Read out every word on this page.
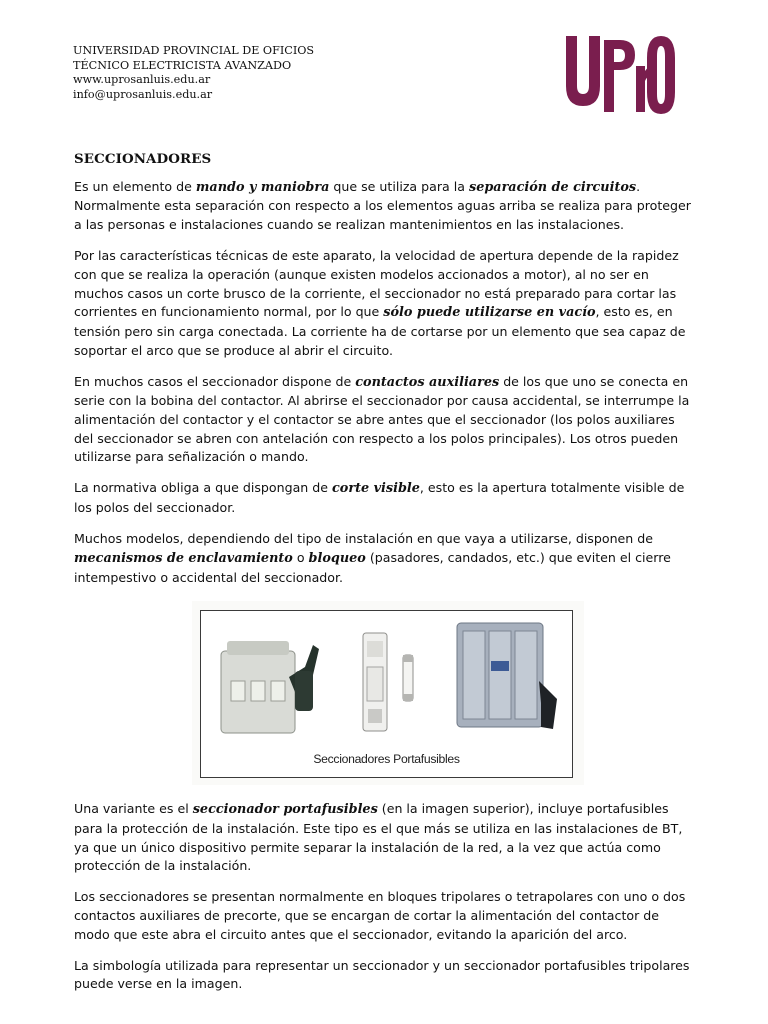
UNIVERSIDAD PROVINCIAL DE OFICIOS
TÉCNICO ELECTRICISTA AVANZADO
www.uprosanluis.edu.ar
info@uprosanluis.edu.ar
SECCIONADORES
Es un elemento de mando y maniobra que se utiliza para la separación de circuitos. Normalmente esta separación con respecto a los elementos aguas arriba se realiza para proteger a las personas e instalaciones cuando se realizan mantenimientos en las instalaciones.
Por las características técnicas de este aparato, la velocidad de apertura depende de la rapidez con que se realiza la operación (aunque existen modelos accionados a motor), al no ser en muchos casos un corte brusco de la corriente, el seccionador no está preparado para cortar las corrientes en funcionamiento normal, por lo que sólo puede utilizarse en vacío, esto es, en tensión pero sin carga conectada. La corriente ha de cortarse por un elemento que sea capaz de soportar el arco que se produce al abrir el circuito.
En muchos casos el seccionador dispone de contactos auxiliares de los que uno se conecta en serie con la bobina del contactor. Al abrirse el seccionador por causa accidental, se interrumpe la alimentación del contactor y el contactor se abre antes que el seccionador (los polos auxiliares del seccionador se abren con antelación con respecto a los polos principales). Los otros pueden utilizarse para señalización o mando.
La normativa obliga a que dispongan de corte visible, esto es la apertura totalmente visible de los polos del seccionador.
Muchos modelos, dependiendo del tipo de instalación en que vaya a utilizarse, disponen de mecanismos de enclavamiento o bloqueo (pasadores, candados, etc.) que eviten el cierre intempestivo o accidental del seccionador.
Seccionadores Portafusibles
Una variante es el seccionador portafusibles (en la imagen superior), incluye portafusibles para la protección de la instalación. Este tipo es el que más se utiliza en las instalaciones de BT, ya que un único dispositivo permite separar la instalación de la red, a la vez que actúa como protección de la instalación.
Los seccionadores se presentan normalmente en bloques tripolares o tetrapolares con uno o dos contactos auxiliares de precorte, que se encargan de cortar la alimentación del contactor de modo que este abra el circuito antes que el seccionador, evitando la aparición del arco.
La simbología utilizada para representar un seccionador y un seccionador portafusibles tripolares puede verse en la imagen.
